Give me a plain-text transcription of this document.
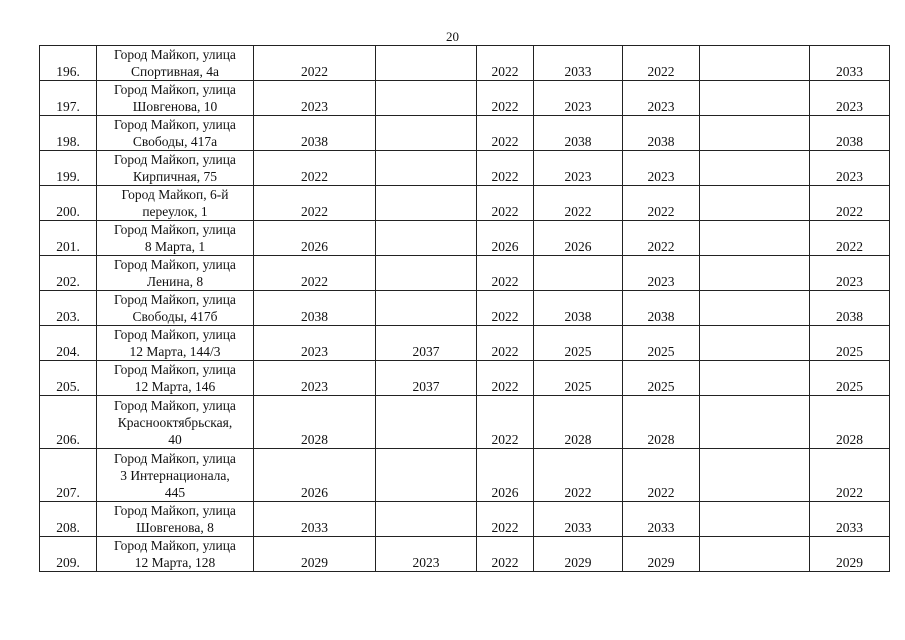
20
196.	Город Майкоп, улица
Спортивная, 4а	2022		2022	2033	2022		2033
197.	Город Майкоп, улица
Шовгенова, 10	2023		2022	2023	2023		2023
198.	Город Майкоп, улица
Свободы, 417а	2038		2022	2038	2038		2038
199.	Город Майкоп, улица
Кирпичная, 75	2022		2022	2023	2023		2023
200.	Город Майкоп, 6-й
переулок, 1	2022		2022	2022	2022		2022
201.	Город Майкоп, улица
8 Марта, 1	2026		2026	2026	2022		2022
202.	Город Майкоп, улица
Ленина, 8	2022		2022		2023		2023
203.	Город Майкоп, улица
Свободы, 417б	2038		2022	2038	2038		2038
204.	Город Майкоп, улица
12 Марта, 144/3	2023	2037	2022	2025	2025		2025
205.	Город Майкоп, улица
12 Марта, 146	2023	2037	2022	2025	2025		2025
206.	Город Майкоп, улица
Краснооктябрьская,
40	2028		2022	2028	2028		2028
207.	Город Майкоп, улица
3 Интернационала,
445	2026		2026	2022	2022		2022
208.	Город Майкоп, улица
Шовгенова, 8	2033		2022	2033	2033		2033
209.	Город Майкоп, улица
12 Марта, 128	2029	2023	2022	2029	2029		2029
